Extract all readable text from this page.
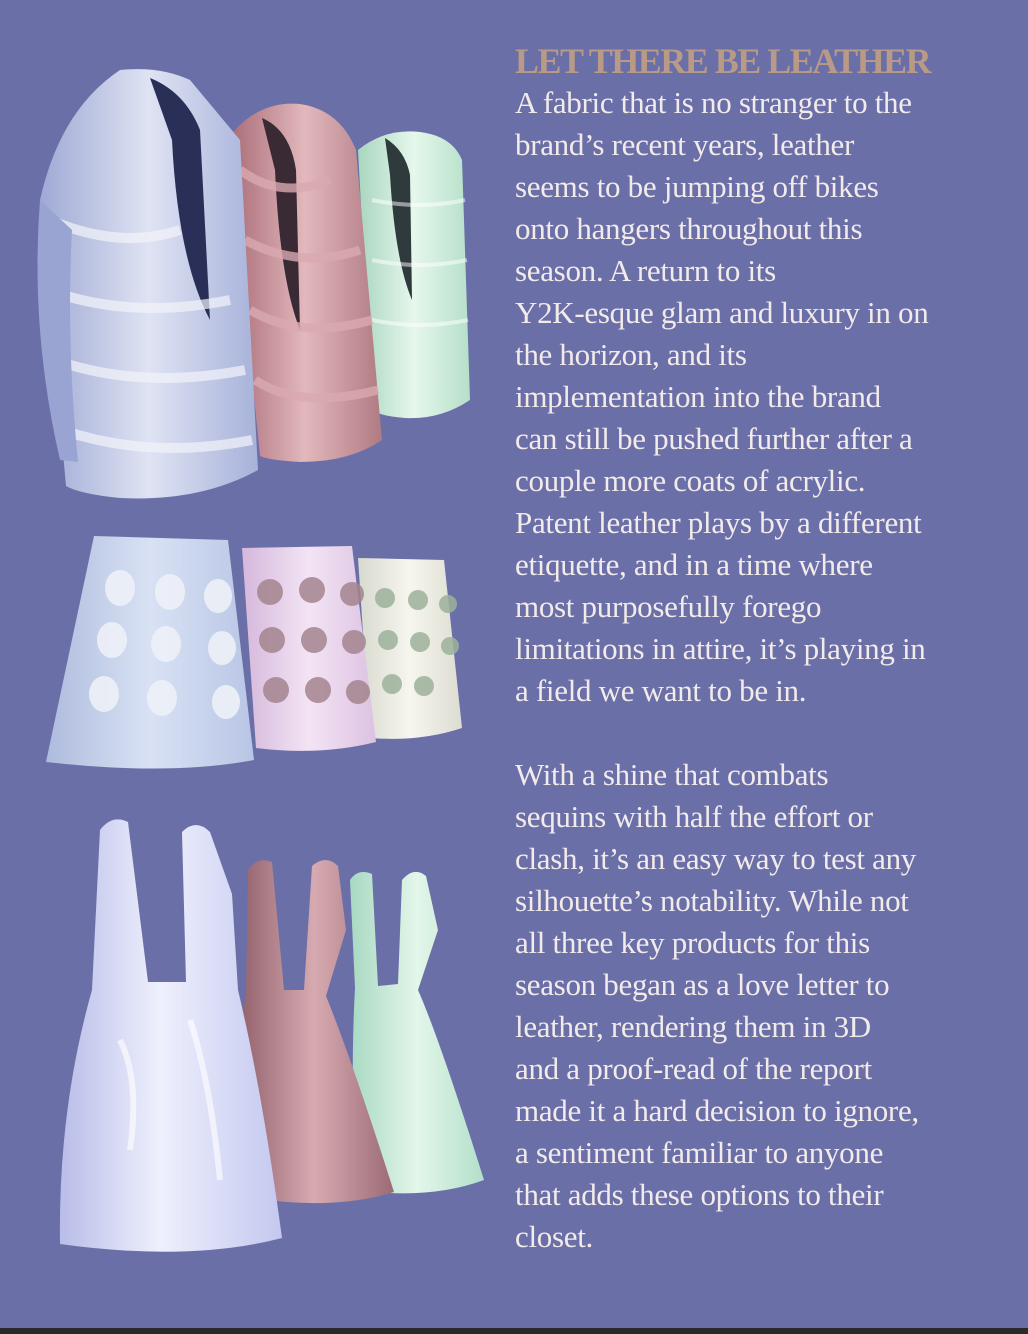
LET THERE BE LEATHER

A fabric that is no stranger to the
brand’s recent years, leather
seems to be jumping off bikes
onto hangers throughout this
season. A return to its
Y2K-esque glam and luxury in on
the horizon, and its
implementation into the brand
can still be pushed further after a
couple more coats of acrylic.
Patent leather plays by a different
etiquette, and in a time where
most purposefully forego
limitations in attire, it’s playing in
a field we want to be in.

With a shine that combats
sequins with half the effort or
clash, it’s an easy way to test any
silhouette’s notability. While not
all three key products for this
season began as a love letter to
leather, rendering them in 3D
and a proof-read of the report
made it a hard decision to ignore,
a sentiment familiar to anyone
that adds these options to their
closet.
